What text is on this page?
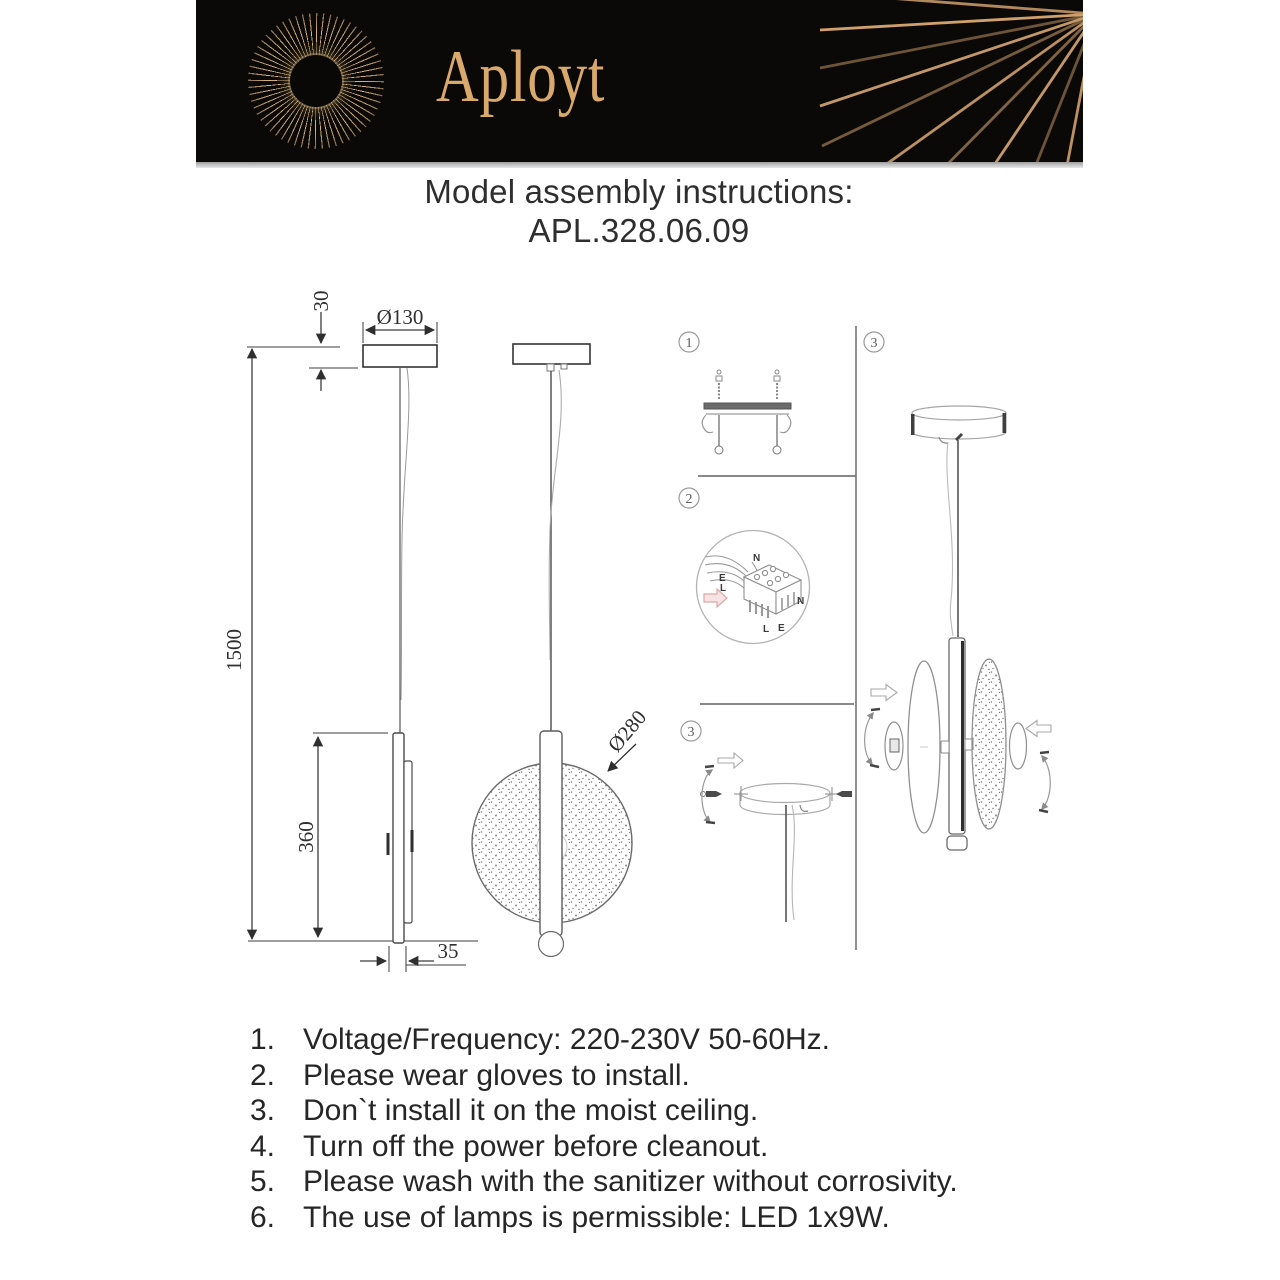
Aployt
Model assembly instructions:
APL.328.06.09
1500
30
Ø130
360
35
Ø280
1
2
N
E
L
N
L E
3
3
1. Voltage/Frequency: 220-230V 50-60Hz.
2. Please wear gloves to install.
3. Don`t install it on the moist ceiling.
4. Turn off the power before cleanout.
5. Please wash with the sanitizer without corrosivity.
6. The use of lamps is permissible: LED 1x9W.
